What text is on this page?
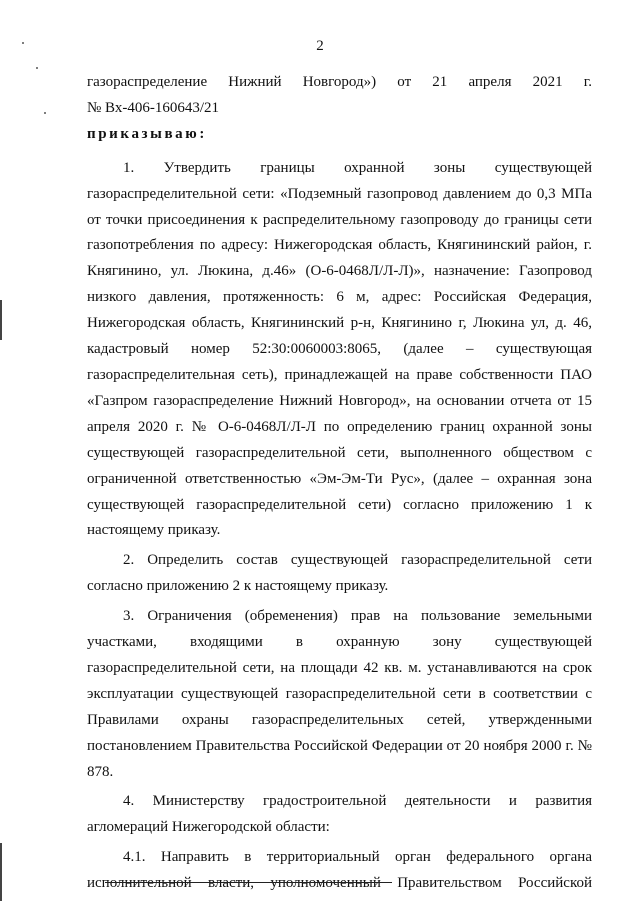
2

газораспределение Нижний Новгород») от 21 апреля 2021 г.

№ Вх-406-160643/21

приказываю:

1. Утвердить границы охранной зоны существующей газораспределительной сети: «Подземный газопровод давлением до 0,3 МПа от точки присоединения к распределительному газопроводу до границы сети газопотребления по адресу: Нижегородская область, Княгининский район, г. Княгинино, ул. Люкина, д.46» (О-6-0468Л/Л-Л)», назначение: Газопровод низкого давления, протяженность: 6 м, адрес: Российская Федерация, Нижегородская область, Княгининский р-н, Княгинино г, Люкина ул, д. 46, кадастровый номер 52:30:0060003:8065, (далее – существующая газораспределительная сеть), принадлежащей на праве собственности ПАО «Газпром газораспределение Нижний Новгород», на основании отчета от 15 апреля 2020 г. № О-6-0468Л/Л-Л по определению границ охранной зоны существующей газораспределительной сети, выполненного обществом с ограниченной ответственностью «Эм-Эм-Ти Рус», (далее – охранная зона существующей газораспределительной сети) согласно приложению 1 к настоящему приказу.

2. Определить состав существующей газораспределительной сети согласно приложению 2 к настоящему приказу.

3. Ограничения (обременения) прав на пользование земельными участками, входящими в охранную зону существующей газораспределительной сети, на площади 42 кв. м. устанавливаются на срок эксплуатации существующей газораспределительной сети в соответствии с Правилами охраны газораспределительных сетей, утвержденными постановлением Правительства Российской Федерации от 20 ноября 2000 г. № 878.

4. Министерству градостроительной деятельности и развития агломераций Нижегородской области:

4.1. Направить в территориальный орган федерального органа исполнительной власти, уполномоченный Правительством Российской
